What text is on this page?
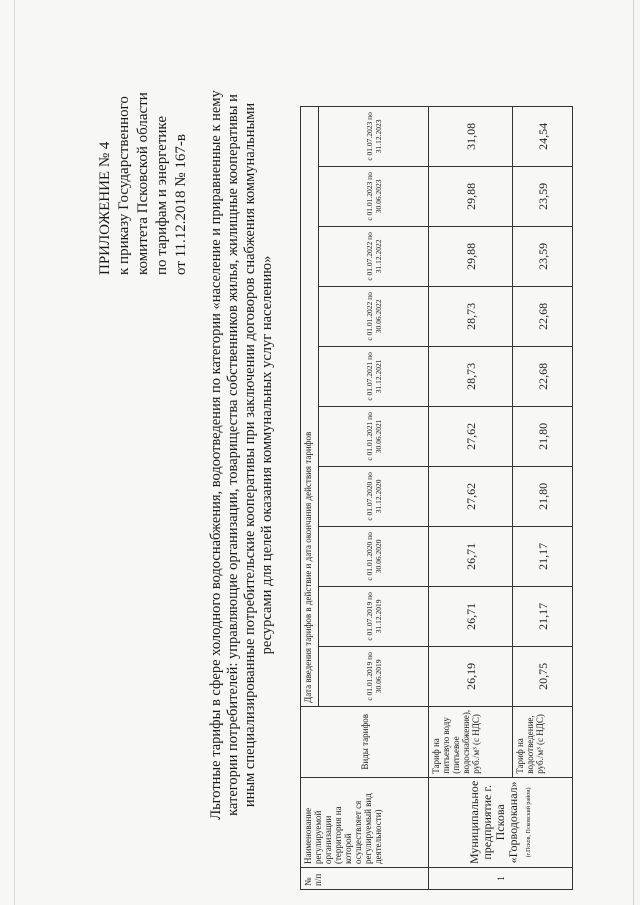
ПРИЛОЖЕНИЕ № 4 к приказу Государственного комитета Псковской области по тарифам и энергетике от 11.12.2018 № 167-в Льготные тарифы в сфере холодного водоснабжения, водоотведения по категории «население и приравненные к нему категории потребителей: управляющие организации, товарищества собственников жилья, жилищные кооперативы и иным специализированные потребительские кооперативы при заключении договоров снабжения коммунальными ресурсами для целей оказания коммунальных услуг населению»
№ п/п	Наименование регулируемой организации (территория на которой осуществляет ся регулируемый вид деятельности)	Виды тарифов	Дата введения тарифов в действие и дата окончания действия тарифов									
			с 01.01.2019 по 30.06.2019	с 01.07.2019 по 31.12.2019	с 01.01.2020 по 30.06.2020	с 01.07.2020 по 31.12.2020	с 01.01.2021 по 30.06.2021	с 01.07.2021 по 31.12.2021	с 01.01.2022 по 30.06.2022	с 01.07.2022 по 31.12.2022	с 01.01.2023 по 30.06.2023	с 01.07.2023 по 31.12.2023
1	Муниципальное предприятие г. Пскова «Горводоканал» (г.Псков, Псковский район)	Тариф на питьевую воду (питьевое водоснабжение), руб./м³ (с НДС)	26,19	26,71	26,71	27,62	27,62	28,73	28,73	29,88	29,88	31,08
		Тариф на водоотведение, руб./м³ (с НДС)	20,75	21,17	21,17	21,80	21,80	22,68	22,68	23,59	23,59	24,54
